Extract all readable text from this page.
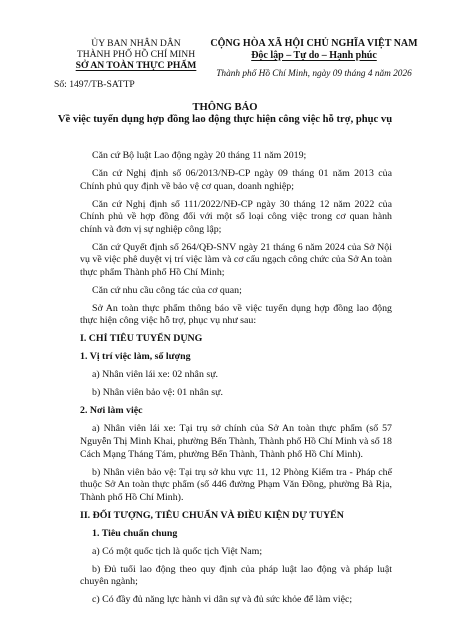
ỦY BAN NHÂN DÂN
THÀNH PHỐ HỒ CHÍ MINH
SỞ AN TOÀN THỰC PHẨM
Số: 1497/TB-SATTP
CỘNG HÒA XÃ HỘI CHỦ NGHĨA VIỆT NAM
Độc lập – Tự do – Hạnh phúc
Thành phố Hồ Chí Minh, ngày 09 tháng 4 năm 2026
THÔNG BÁO
Về việc tuyển dụng hợp đồng lao động thực hiện công việc hỗ trợ, phục vụ

Căn cứ Bộ luật Lao động ngày 20 tháng 11 năm 2019;

Căn cứ Nghị định số 06/2013/NĐ-CP ngày 09 tháng 01 năm 2013 của Chính phủ quy định về bảo vệ cơ quan, doanh nghiệp;

Căn cứ Nghị định số 111/2022/NĐ-CP ngày 30 tháng 12 năm 2022 của Chính phủ về hợp đồng đối với một số loại công việc trong cơ quan hành chính và đơn vị sự nghiệp công lập;

Căn cứ Quyết định số 264/QĐ-SNV ngày 21 tháng 6 năm 2024 của Sở Nội vụ về việc phê duyệt vị trí việc làm và cơ cấu ngạch công chức của Sở An toàn thực phẩm Thành phố Hồ Chí Minh;

Căn cứ nhu cầu công tác của cơ quan;

Sở An toàn thực phẩm thông báo về việc tuyển dụng hợp đồng lao động thực hiện công việc hỗ trợ, phục vụ như sau:

I. CHỈ TIÊU TUYỂN DỤNG

1. Vị trí việc làm, số lượng

a) Nhân viên lái xe: 02 nhân sự.

b) Nhân viên bảo vệ: 01 nhân sự.

2. Nơi làm việc

a) Nhân viên lái xe: Tại trụ sở chính của Sở An toàn thực phẩm (số 57 Nguyễn Thị Minh Khai, phường Bến Thành, Thành phố Hồ Chí Minh và số 18 Cách Mạng Tháng Tám, phường Bến Thành, Thành phố Hồ Chí Minh).

b) Nhân viên bảo vệ: Tại trụ sở khu vực 11, 12 Phòng Kiểm tra - Pháp chế thuộc Sở An toàn thực phẩm (số 446 đường Phạm Văn Đồng, phường Bà Rịa, Thành phố Hồ Chí Minh).

II. ĐỐI TƯỢNG, TIÊU CHUẨN VÀ ĐIỀU KIỆN DỰ TUYỂN

1. Tiêu chuẩn chung

a) Có một quốc tịch là quốc tịch Việt Nam;

b) Đủ tuổi lao động theo quy định của pháp luật lao động và pháp luật chuyên ngành;

c) Có đầy đủ năng lực hành vi dân sự và đủ sức khỏe để làm việc;
